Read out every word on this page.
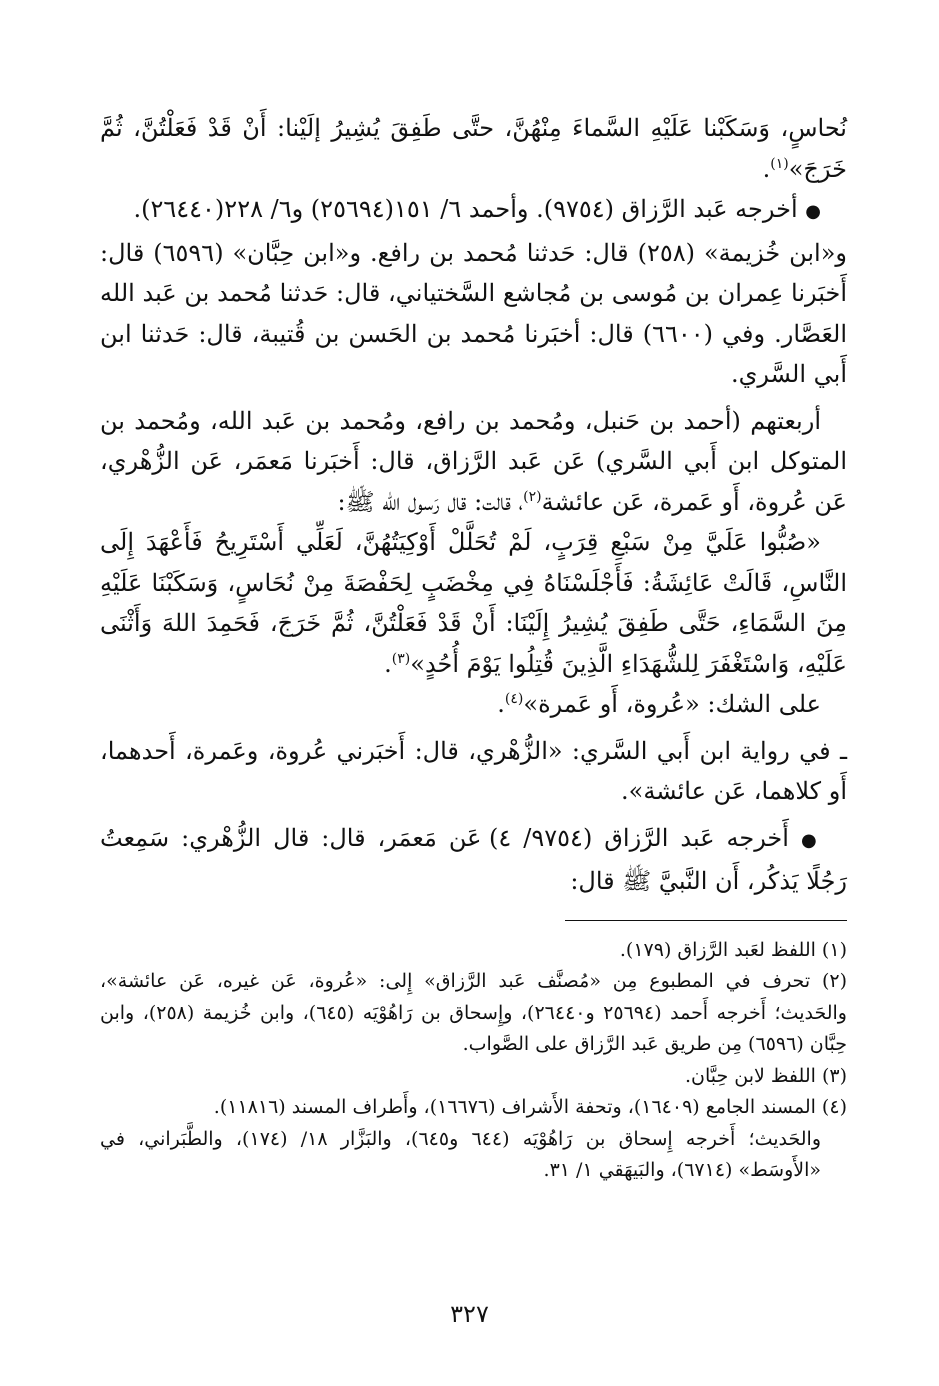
نُحاسٍ، وَسَكَبْنا عَلَيْهِ السَّماءَ مِنْهُنَّ، حتَّى طَفِقَ يُشِيرُ إلَيْنا: أَنْ قَدْ فَعَلْتُنَّ، ثُمَّ خَرَجَ»$^{(١)}$.

● أخرجه عَبد الرَّزاق (٩٧٥٤). وأحمد ٦/ ١٥١(٢٥٦٩٤) و٦/ ٢٢٨(٢٦٤٤٠).

و«ابن خُزيمة» (٢٥٨) قال: حَدثنا مُحمد بن رافع. و«ابن حِبَّان» (٦٥٩٦) قال: أَخبَرنا عِمران بن مُوسى بن مُجاشع السَّختياني، قال: حَدثنا مُحمد بن عَبد الله العَصَّار. وفي (٦٦٠٠) قال: أخبَرنا مُحمد بن الحَسن بن قُتيبة، قال: حَدثنا ابن أَبي السَّري.

أربعتهم (أحمد بن حَنبل، ومُحمد بن رافع، ومُحمد بن عَبد الله، ومُحمد بن المتوكل ابن أَبي السَّري) عَن عَبد الرَّزاق، قال: أَخبَرنا مَعمَر، عَن الزُّهْري، عَن عُروة، أَو عَمرة، عَن عائشة$^{(٢)}$، قالت: قال رَسول الله ﷺ:

«صُبُّوا عَلَيَّ مِنْ سَبْعِ قِرَبٍ، لَمْ تُحَلَّلْ أَوْكِيَتُهُنَّ، لَعَلِّي أَسْتَرِيحُ فَأَعْهَدَ إِلَى النَّاسِ، قَالَتْ عَائِشَةُ: فَأَجْلَسْنَاهُ فِي مِخْضَبٍ لِحَفْصَةَ مِنْ نُحَاسٍ، وَسَكَبْنَا عَلَيْهِ مِنَ السَّمَاءِ، حَتَّى طَفِقَ يُشِيرُ إِلَيْنَا: أَنْ قَدْ فَعَلْتُنَّ، ثُمَّ خَرَجَ، فَحَمِدَ اللهَ وَأَثْنَى عَلَيْهِ، وَاسْتَغْفَرَ لِلشُّهَدَاءِ الَّذِينَ قُتِلُوا يَوْمَ أُحُدٍ»$^{(٣)}$.

على الشك: «عُروة، أَو عَمرة»$^{(٤)}$.

ـ في رواية ابن أَبي السَّري: «الزُّهْري، قال: أَخبَرني عُروة، وعَمرة، أَحدهما، أَو كلاهما، عَن عائشة».

● أَخرجه عَبد الرَّزاق (٩٧٥٤/ ٤) عَن مَعمَر، قال: قال الزُّهْري: سَمِعتُ رَجُلًا يَذكُر، أَن النَّبيَّ ﷺ قال:

(١) اللفظ لعَبد الرَّزاق (١٧٩).

(٢) تحرف في المطبوع مِن «مُصنَّف عَبد الرَّزاق» إِلى: «عُروة، عَن غيره، عَن عائشة»، والحَديث؛ أَخرجه أَحمد (٢٥٦٩٤ و٢٦٤٤٠)، وإِسحاق بن رَاهُوْيَه (٦٤٥)، وابن خُزيمة (٢٥٨)، وابن حِبَّان (٦٥٩٦) مِن طريق عَبد الرَّزاق على الصَّواب.

(٣) اللفظ لابن حِبَّان.

(٤) المسند الجامع (١٦٤٠٩)، وتحفة الأَشراف (١٦٦٧٦)، وأَطراف المسند (١١٨١٦).

والحَديث؛ أَخرجه إِسحاق بن رَاهُوْيَه (٦٤٤ و٦٤٥)، والبَزَّار ١٨/ (١٧٤)، والطَّبَراني، في «الأَوسَط» (٦٧١٤)، والبَيهَقي ١/ ٣١.

٣٢٧
